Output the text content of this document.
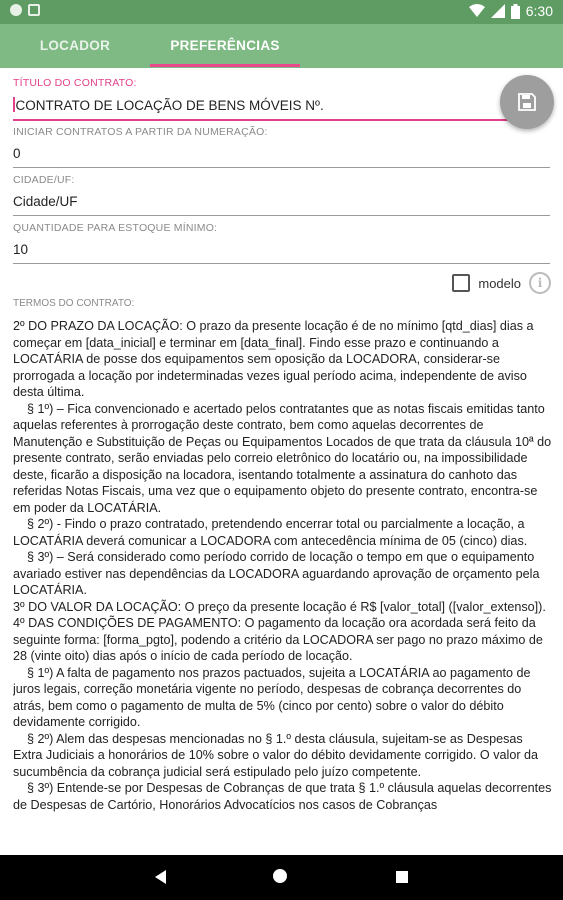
6:30
LOCADOR	PREFERÊNCIAS
TÍTULO DO CONTRATO:
CONTRATO DE LOCAÇÃO DE BENS MÓVEIS Nº.
INICIAR CONTRATOS A PARTIR DA NUMERAÇÃO:
0
CIDADE/UF:
Cidade/UF
QUANTIDADE PARA ESTOQUE MÍNIMO:
10
modelo	i
TERMOS DO CONTRATO:

2º DO PRAZO DA LOCAÇÃO: O prazo da presente locação é de no mínimo [qtd_dias] dias a começar em [data_inicial] e terminar em [data_final]. Findo esse prazo e continuando a LOCATÁRIA de posse dos equipamentos sem oposição da LOCADORA, considerar-se prorrogada a locação por indeterminadas vezes igual período acima, independente de aviso desta última.

§ 1º) – Fica convencionado e acertado pelos contratantes que as notas fiscais emitidas tanto aquelas referentes à prorrogação deste contrato, bem como aquelas decorrentes de Manutenção e Substituição de Peças ou Equipamentos Locados de que trata da cláusula 10ª do presente contrato, serão enviadas pelo correio eletrônico do locatário ou, na impossibilidade deste, ficarão a disposição na locadora, isentando totalmente a assinatura do canhoto das referidas Notas Fiscais, uma vez que o equipamento objeto do presente contrato, encontra-se em poder da LOCATÁRIA.

§ 2º) - Findo o prazo contratado, pretendendo encerrar total ou parcialmente a locação, a LOCATÁRIA deverá comunicar a LOCADORA com antecedência mínima de 05 (cinco) dias.

§ 3º) – Será considerado como período corrido de locação o tempo em que o equipamento avariado estiver nas dependências da LOCADORA aguardando aprovação de orçamento pela LOCATÁRIA.

3º DO VALOR DA LOCAÇÃO: O preço da presente locação é R$ [valor_total] ([valor_extenso]).

4º DAS CONDIÇÕES DE PAGAMENTO: O pagamento da locação ora acordada será feito da seguinte forma: [forma_pgto], podendo a critério da LOCADORA ser pago no prazo máximo de 28 (vinte oito) dias após o início de cada período de locação.

§ 1º) A falta de pagamento nos prazos pactuados, sujeita a LOCATÁRIA ao pagamento de juros legais, correção monetária vigente no período, despesas de cobrança decorrentes do atrás, bem como o pagamento de multa de 5% (cinco por cento) sobre o valor do débito devidamente corrigido.

§ 2º) Alem das despesas mencionadas no § 1.º desta cláusula, sujeitam-se as Despesas Extra Judiciais a honorários de 10% sobre o valor do débito devidamente corrigido. O valor da sucumbência da cobrança judicial será estipulado pelo juízo competente.

§ 3º) Entende-se por Despesas de Cobranças de que trata § 1.º cláusula aquelas decorrentes de Despesas de Cartório, Honorários Advocatícios nos casos de Cobranças
